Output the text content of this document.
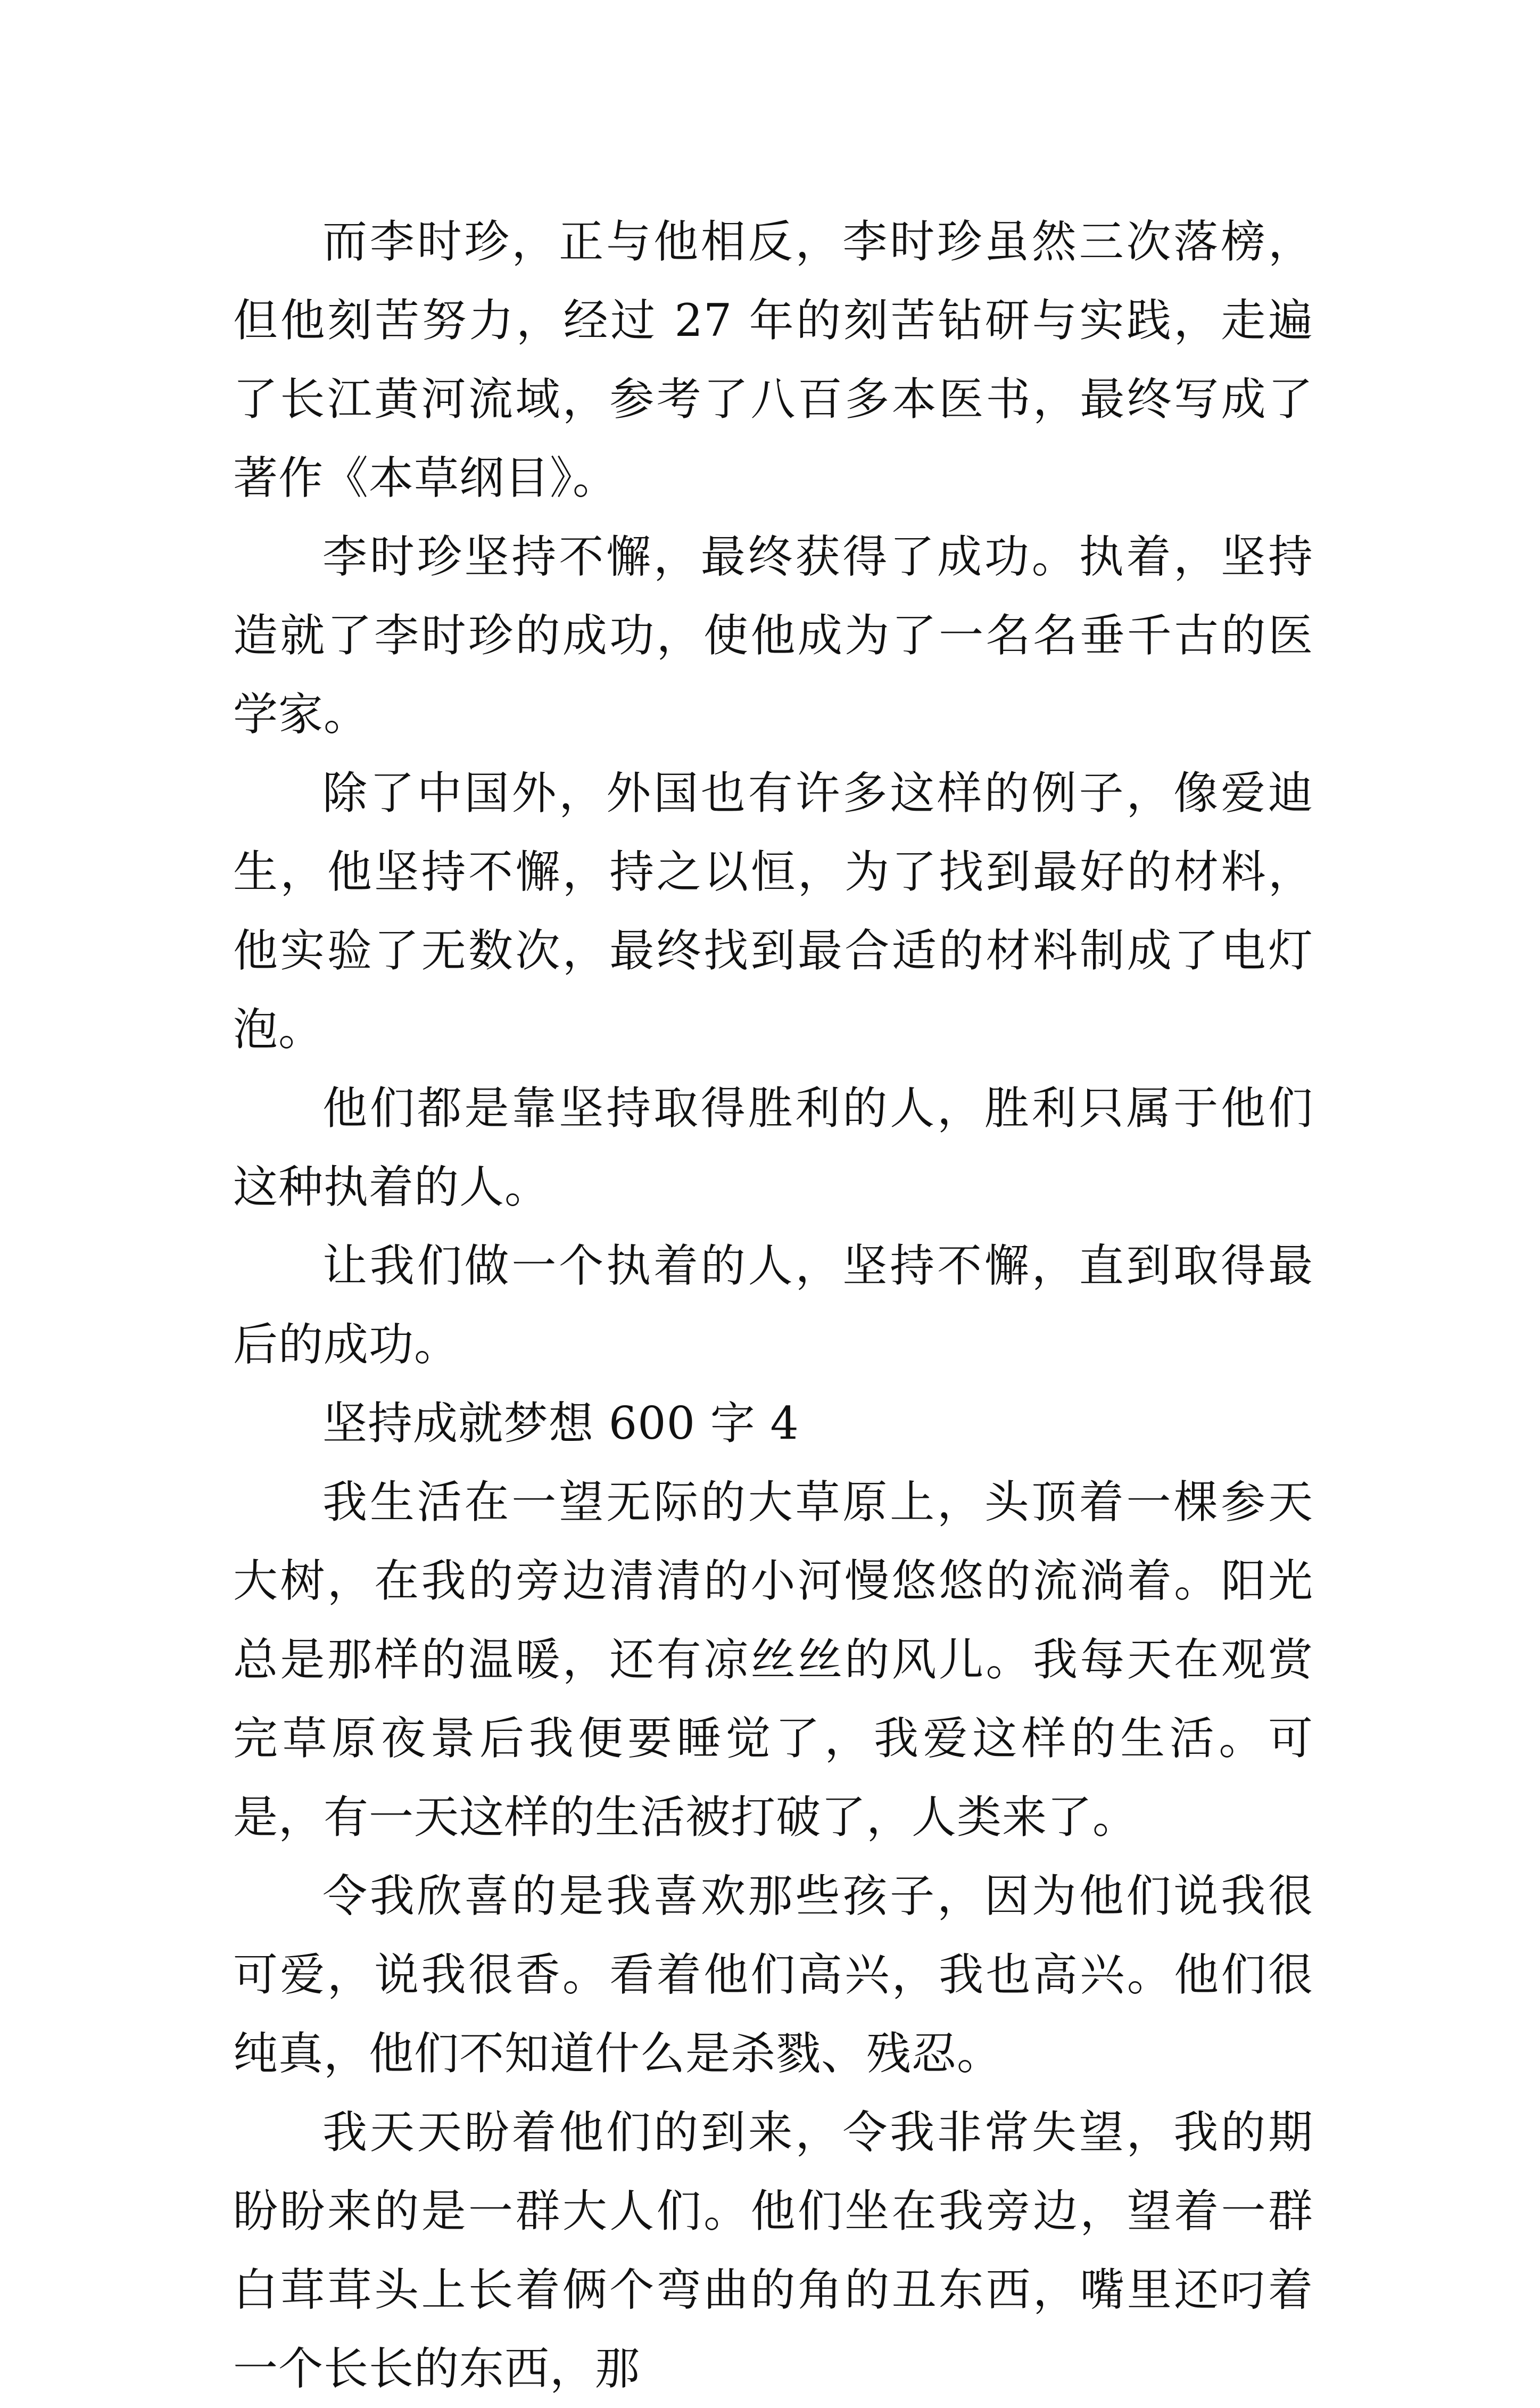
而李时珍，正与他相反，李时珍虽然三次落榜，但他刻苦努力，经过 27 年的刻苦钻研与实践，走遍了长江黄河流域，参考了八百多本医书，最终写成了著作《本草纲目》。

李时珍坚持不懈，最终获得了成功。执着，坚持造就了李时珍的成功，使他成为了一名名垂千古的医学家。

除了中国外，外国也有许多这样的例子，像爱迪生，他坚持不懈，持之以恒，为了找到最好的材料，他实验了无数次，最终找到最合适的材料制成了电灯泡。

他们都是靠坚持取得胜利的人，胜利只属于他们这种执着的人。

让我们做一个执着的人，坚持不懈，直到取得最后的成功。

坚持成就梦想 600 字 4

我生活在一望无际的大草原上，头顶着一棵参天大树，在我的旁边清清的小河慢悠悠的流淌着。阳光总是那样的温暖，还有凉丝丝的风儿。我每天在观赏完草原夜景后我便要睡觉了，我爱这样的生活。可是，有一天这样的生活被打破了，人类来了。

令我欣喜的是我喜欢那些孩子，因为他们说我很可爱，说我很香。看着他们高兴，我也高兴。他们很纯真，他们不知道什么是杀戮、残忍。

我天天盼着他们的到来，令我非常失望，我的期盼盼来的是一群大人们。他们坐在我旁边，望着一群白茸茸头上长着俩个弯曲的角的丑东西，嘴里还叼着一个长长的东西，那
